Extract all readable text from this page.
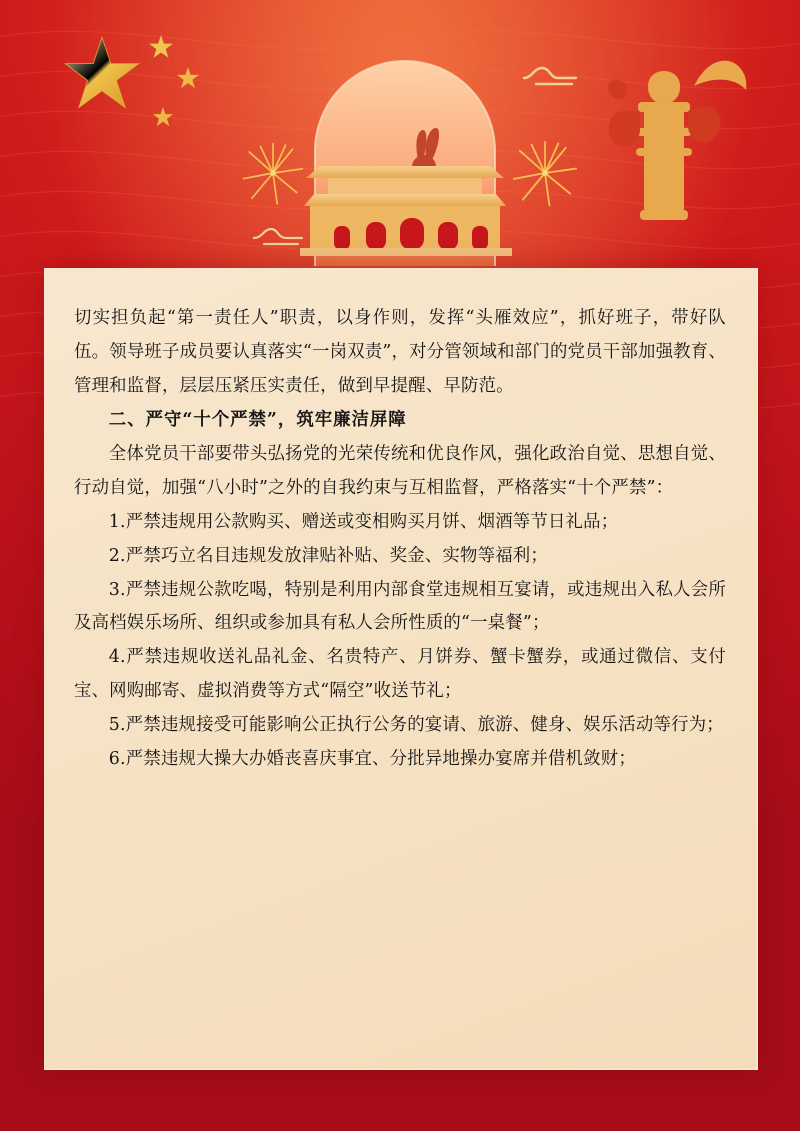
切实担负起“第一责任人”职责，以身作则，发挥“头雁效应”，抓好班子，带好队伍。领导班子成员要认真落实“一岗双责”，对分管领域和部门的党员干部加强教育、管理和监督，层层压紧压实责任，做到早提醒、早防范。

二、严守“十个严禁”，筑牢廉洁屏障

全体党员干部要带头弘扬党的光荣传统和优良作风，强化政治自觉、思想自觉、行动自觉，加强“八小时”之外的自我约束与互相监督，严格落实“十个严禁”：

1.严禁违规用公款购买、赠送或变相购买月饼、烟酒等节日礼品；

2.严禁巧立名目违规发放津贴补贴、奖金、实物等福利；

3.严禁违规公款吃喝，特别是利用内部食堂违规相互宴请，或违规出入私人会所及高档娱乐场所、组织或参加具有私人会所性质的“一桌餐”；

4.严禁违规收送礼品礼金、名贵特产、月饼券、蟹卡蟹券，或通过微信、支付宝、网购邮寄、虚拟消费等方式“隔空”收送节礼；

5.严禁违规接受可能影响公正执行公务的宴请、旅游、健身、娱乐活动等行为；

6.严禁违规大操大办婚丧喜庆事宜、分批异地操办宴席并借机敛财；
